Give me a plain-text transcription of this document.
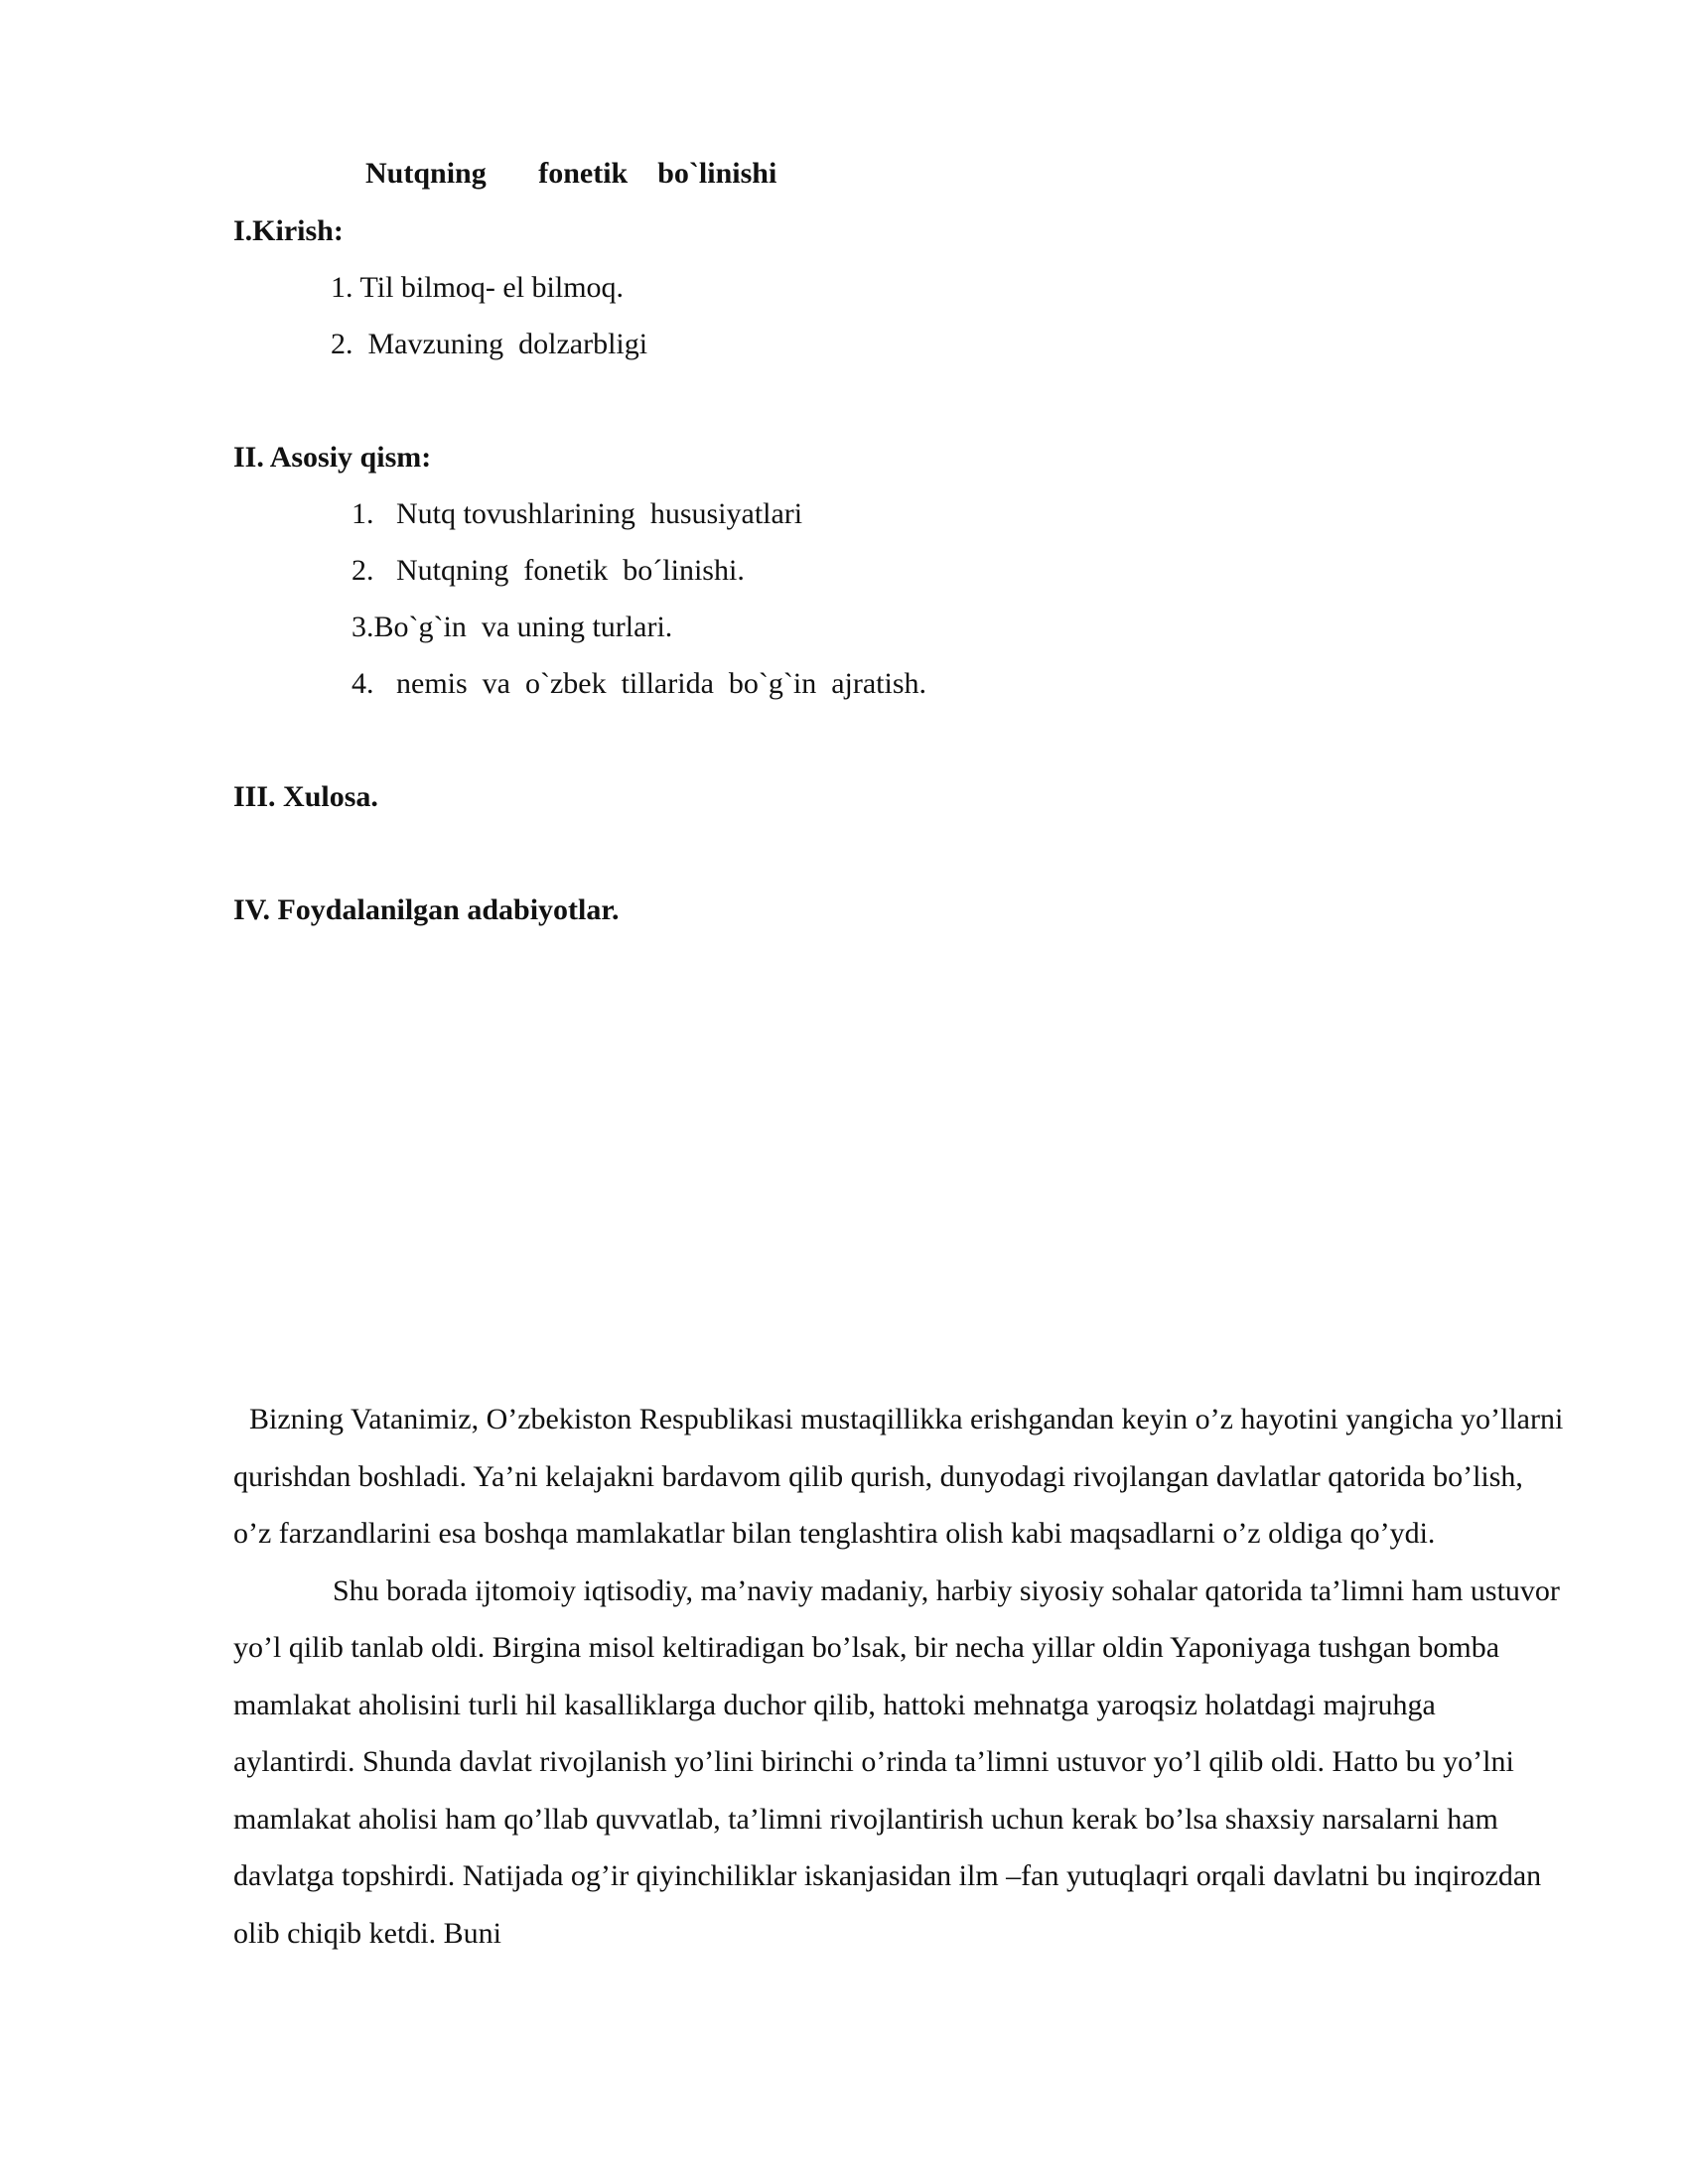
Nutqning       fonetik    bo`linishi
I.Kirish:
1. Til bilmoq- el bilmoq.
2.  Mavzuning  dolzarbligi
II. Asosiy qism:
1.   Nutq tovushlarining  hususiyatlari
2.   Nutqning  fonetik  bo´linishi.
3.Bo`g`in  va uning turlari.
4.   nemis  va  o`zbek  tillarida  bo`g`in  ajratish.
III. Xulosa.
IV. Foydalanilgan adabiyotlar.

Bizning Vatanimiz, O’zbekiston Respublikasi mustaqillikka erishgandan keyin o’z hayotini yangicha yo’llarni qurishdan boshladi. Ya’ni kelajakni bardavom qilib qurish, dunyodagi rivojlangan davlatlar qatorida bo’lish, o’z farzandlarini esa boshqa mamlakatlar bilan tenglashtira olish kabi maqsadlarni o’z oldiga qo’ydi.

Shu borada ijtomoiy iqtisodiy, ma’naviy madaniy, harbiy siyosiy sohalar qatorida ta’limni ham ustuvor yo’l qilib tanlab oldi. Birgina misol keltiradigan bo’lsak, bir necha yillar oldin Yaponiyaga tushgan bomba mamlakat aholisini turli hil kasalliklarga duchor qilib, hattoki mehnatga yaroqsiz holatdagi majruhga aylantirdi. Shunda davlat rivojlanish yo’lini birinchi o’rinda ta’limni ustuvor yo’l qilib oldi. Hatto bu yo’lni mamlakat aholisi ham qo’llab quvvatlab, ta’limni rivojlantirish uchun kerak bo’lsa shaxsiy narsalarni ham davlatga topshirdi. Natijada og’ir qiyinchiliklar iskanjasidan ilm –fan yutuqlaqri orqali davlatni bu inqirozdan olib chiqib ketdi. Buni
